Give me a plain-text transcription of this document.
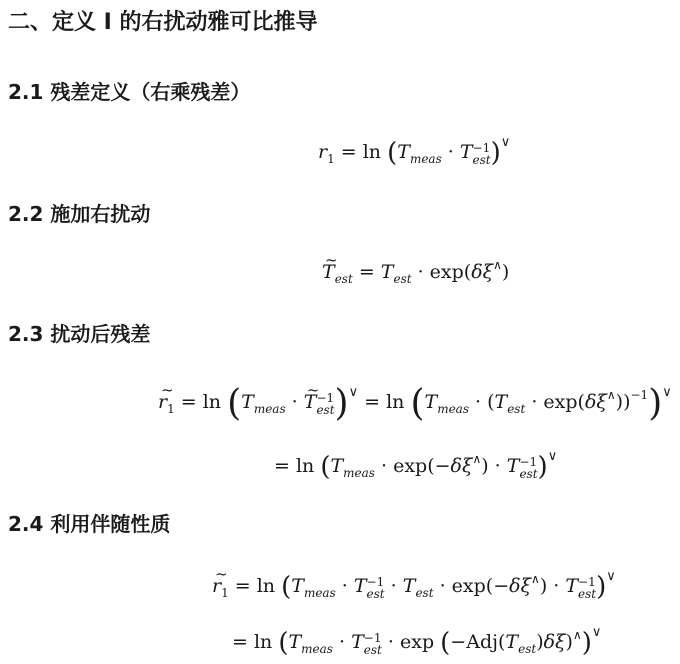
二、定义 I 的右扰动雅可比推导
2.1 残差定义（右乘残差）
$r_1 = \ln (T_{meas} \cdot T -1$
est )∨
2.2 施加右扰动
~ $T_{est} = T_{est} \cdot \exp(\delta\xi^\wedge)$
2.3 扰动后残差
~ $r_1 = \ln (T_{meas}$ · ~ T −1
est )$^\vee = \ln (T_{meas} \cdot (T_{est} \cdot \exp(\delta\xi^\wedge))^{-1})^\vee$
= $\ln (T_{meas} \cdot \exp(-\delta\xi^\wedge) \cdot T -1$
est )∨
2.4 利用伴随性质
~ $r_1 = \ln (T_{meas} \cdot T -1$
est · $T_{est} \cdot \exp(-\delta\xi^\wedge) \cdot T -1$
est )∨
= $\ln (T_{meas} \cdot T -1$
est · $\exp (-Adj(T_{est})\delta\xi)^\wedge)^\vee$
